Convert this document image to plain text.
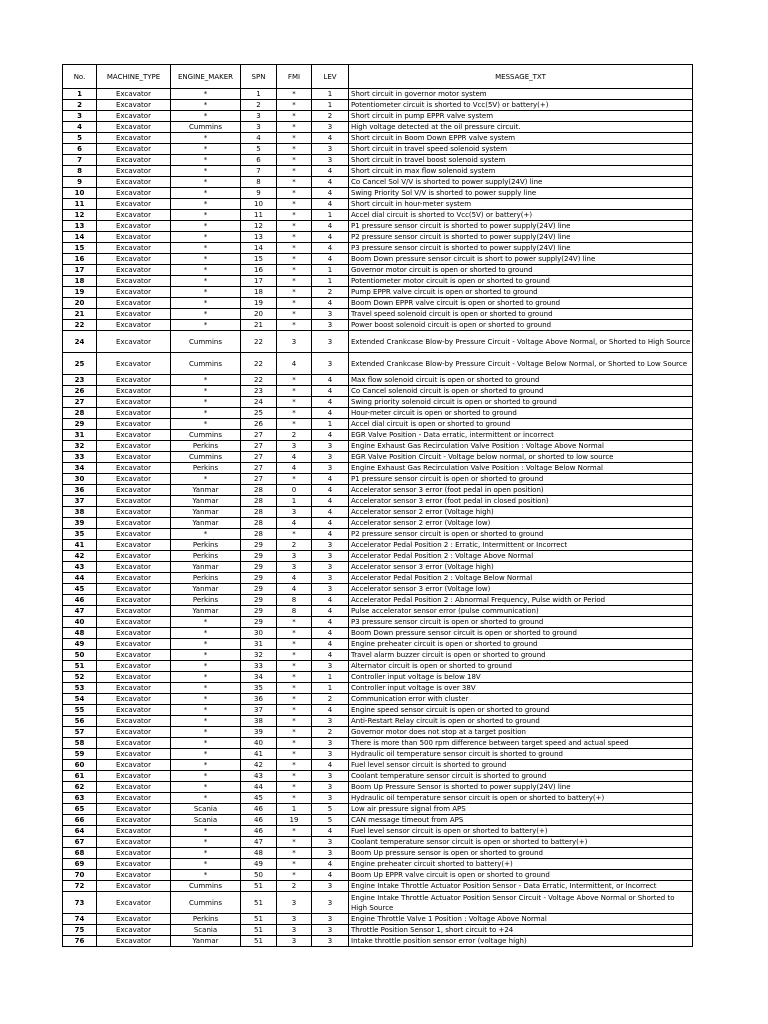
No.	MACHINE_TYPE	ENGINE_MAKER	SPN	FMI	LEV	MESSAGE_TXT
1	Excavator	*	1	*	1	Short circuit in governor motor system
2	Excavator	*	2	*	1	Potentiometer circuit is shorted to Vcc(5V) or battery(+)
3	Excavator	*	3	*	2	Short circuit in pump EPPR valve system
4	Excavator	Cummins	3	*	3	High voltage detected at the oil pressure circuit.
5	Excavator	*	4	*	4	Short circuit in Boom Down EPPR valve system
6	Excavator	*	5	*	3	Short circuit in travel speed solenoid system
7	Excavator	*	6	*	3	Short circuit in travel boost solenoid system
8	Excavator	*	7	*	4	Short circuit in max flow solenoid system
9	Excavator	*	8	*	4	Co Cancel Sol V/V is shorted to power supply(24V) line
10	Excavator	*	9	*	4	Swing Priority Sol V/V is shorted to power supply line
11	Excavator	*	10	*	4	Short circuit in hour-meter system
12	Excavator	*	11	*	1	Accel dial circuit is shorted to Vcc(5V) or battery(+)
13	Excavator	*	12	*	4	P1 pressure sensor circuit is shorted to power supply(24V) line
14	Excavator	*	13	*	4	P2 pressure sensor circuit is shorted to power supply(24V) line
15	Excavator	*	14	*	4	P3 pressure sensor circuit is shorted to power supply(24V) line
16	Excavator	*	15	*	4	Boom Down pressure sensor circuit is short to power supply(24V) line
17	Excavator	*	16	*	1	Governor motor circuit is open or shorted to ground
18	Excavator	*	17	*	1	Potentiometer motor circuit is open or shorted to ground
19	Excavator	*	18	*	2	Pump EPPR valve circuit is open or shorted to ground
20	Excavator	*	19	*	4	Boom Down EPPR valve circuit is open or shorted to ground
21	Excavator	*	20	*	3	Travel speed solenoid circuit is open or shorted to ground
22	Excavator	*	21	*	3	Power boost solenoid circuit is open or shorted to ground
24	Excavator	Cummins	22	3	3	Extended Crankcase Blow-by Pressure Circuit - Voltage Above Normal, or Shorted to High Source
25	Excavator	Cummins	22	4	3	Extended Crankcase Blow-by Pressure Circuit - Voltage Below Normal, or Shorted to Low Source
23	Excavator	*	22	*	4	Max flow solenoid circuit is open or shorted to ground
26	Excavator	*	23	*	4	Co Cancel solenoid circuit is open or shorted to ground
27	Excavator	*	24	*	4	Swing priority solenoid circuit is open or shorted to ground
28	Excavator	*	25	*	4	Hour-meter circuit is open or shorted to ground
29	Excavator	*	26	*	1	Accel dial circuit is open or shorted to ground
31	Excavator	Cummins	27	2	4	EGR Valve Position - Data erratic, intermittent or incorrect
32	Excavator	Perkins	27	3	3	Engine Exhaust Gas Recirculation Valve Position : Voltage Above Normal
33	Excavator	Cummins	27	4	3	EGR Valve Position Circuit - Voltage below normal, or shorted to low source
34	Excavator	Perkins	27	4	3	Engine Exhaust Gas Recirculation Valve Position : Voltage Below Normal
30	Excavator	*	27	*	4	P1 pressure sensor circuit is open or shorted to ground
36	Excavator	Yanmar	28	0	4	Accelerator sensor 3 error (foot pedal in open position)
37	Excavator	Yanmar	28	1	4	Accelerator sensor 3 error (foot pedal in closed position)
38	Excavator	Yanmar	28	3	4	Accelerator sensor 2 error (Voltage high)
39	Excavator	Yanmar	28	4	4	Accelerator sensor 2 error (Voltage low)
35	Excavator	*	28	*	4	P2 pressure sensor circuit is open or shorted to ground
41	Excavator	Perkins	29	2	3	Accelerator Pedal Position 2 : Erratic, Intermittent or Incorrect
42	Excavator	Perkins	29	3	3	Accelerator Pedal Position 2 : Voltage Above Normal
43	Excavator	Yanmar	29	3	3	Accelerator sensor 3 error (Voltage high)
44	Excavator	Perkins	29	4	3	Accelerator Pedal Position 2 : Voltage Below Normal
45	Excavator	Yanmar	29	4	3	Accelerator sensor 3 error (Voltage low)
46	Excavator	Perkins	29	8	4	Accelerator Pedal Position 2 : Abnormal Frequency, Pulse width or Period
47	Excavator	Yanmar	29	8	4	Pulse accelerator sensor error (pulse communication)
40	Excavator	*	29	*	4	P3 pressure sensor circuit is open or shorted to ground
48	Excavator	*	30	*	4	Boom Down pressure sensor circuit is open or shorted to ground
49	Excavator	*	31	*	4	Engine preheater circuit is open or shorted to ground
50	Excavator	*	32	*	4	Travel alarm buzzer circuit is open or shorted to ground
51	Excavator	*	33	*	3	Alternator circuit is open or shorted to ground
52	Excavator	*	34	*	1	Controller input voltage is below 18V
53	Excavator	*	35	*	1	Controller input voltage is over 38V
54	Excavator	*	36	*	2	Communication error with cluster
55	Excavator	*	37	*	4	Engine speed sensor circuit is open or shorted to ground
56	Excavator	*	38	*	3	Anti-Restart Relay circuit is open or shorted to ground
57	Excavator	*	39	*	2	Governor motor does not stop at a target position
58	Excavator	*	40	*	3	There is more than 500 rpm difference between target speed and actual speed
59	Excavator	*	41	*	3	Hydraulic oil temperature sensor circuit is shorted to ground
60	Excavator	*	42	*	4	Fuel level sensor circuit is shorted to ground
61	Excavator	*	43	*	3	Coolant temperature sensor circuit is shorted to ground
62	Excavator	*	44	*	3	Boom Up Pressure Sensor is shorted to power supply(24V) line
63	Excavator	*	45	*	3	Hydraulic oil temperature sensor circuit is open or shorted to battery(+)
65	Excavator	Scania	46	1	5	Low air pressure signal from APS
66	Excavator	Scania	46	19	5	CAN message timeout from APS
64	Excavator	*	46	*	4	Fuel level sensor circuit is open or shorted to battery(+)
67	Excavator	*	47	*	3	Coolant temperature sensor circuit is open or shorted to battery(+)
68	Excavator	*	48	*	3	Boom Up pressure sensor is open or shorted to ground
69	Excavator	*	49	*	4	Engine preheater circuit shorted to battery(+)
70	Excavator	*	50	*	4	Boom Up EPPR valve circuit is open or shorted to ground
72	Excavator	Cummins	51	2	3	Engine Intake Throttle Actuator Position Sensor - Data Erratic, Intermittent, or Incorrect
73	Excavator	Cummins	51	3	3	Engine Intake Throttle Actuator Position Sensor Circuit - Voltage Above Normal or Shorted to High Source
74	Excavator	Perkins	51	3	3	Engine Throttle Valve 1 Position : Voltage Above Normal
75	Excavator	Scania	51	3	3	Throttle Position Sensor 1, short circuit to +24
76	Excavator	Yanmar	51	3	3	Intake throttle position sensor error (voltage high)
